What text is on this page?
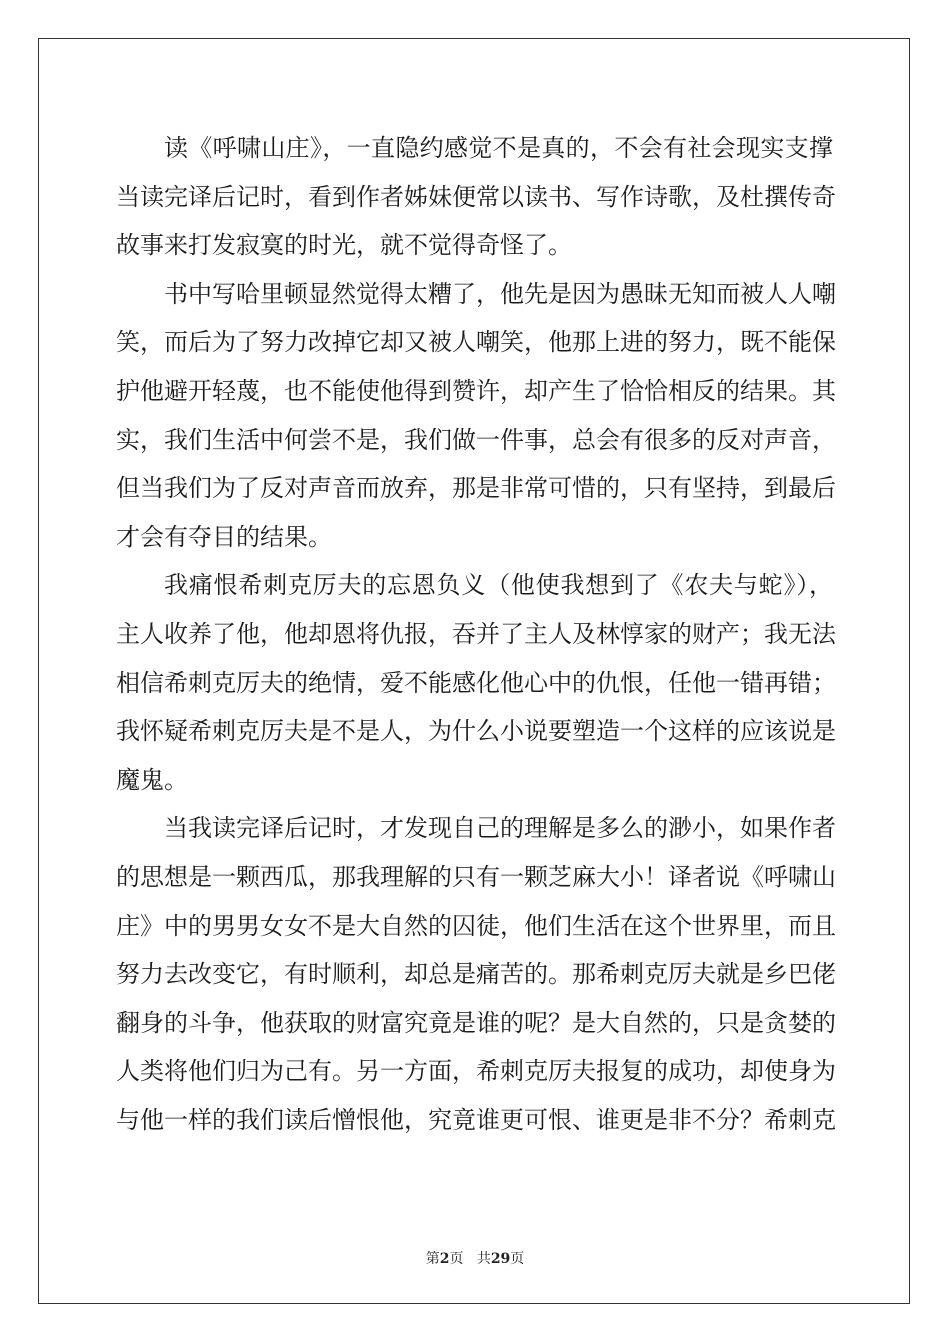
读《呼啸山庄》，一直隐约感觉不是真的，不会有社会现实支撑
当读完译后记时，看到作者姊妹便常以读书、写作诗歌，及杜撰传奇
故事来打发寂寞的时光，就不觉得奇怪了。
书中写哈里顿显然觉得太糟了，他先是因为愚昧无知而被人人嘲
笑，而后为了努力改掉它却又被人嘲笑，他那上进的努力，既不能保
护他避开轻蔑，也不能使他得到赞许，却产生了恰恰相反的结果。其
实，我们生活中何尝不是，我们做一件事，总会有很多的反对声音，
但当我们为了反对声音而放弃，那是非常可惜的，只有坚持，到最后
才会有夺目的结果。
我痛恨希刺克厉夫的忘恩负义（他使我想到了《农夫与蛇》），
主人收养了他，他却恩将仇报，吞并了主人及林惇家的财产；我无法
相信希刺克厉夫的绝情，爱不能感化他心中的仇恨，任他一错再错；
我怀疑希刺克厉夫是不是人，为什么小说要塑造一个这样的应该说是
魔鬼。
当我读完译后记时，才发现自己的理解是多么的渺小，如果作者
的思想是一颗西瓜，那我理解的只有一颗芝麻大小！译者说《呼啸山
庄》中的男男女女不是大自然的囚徒，他们生活在这个世界里，而且
努力去改变它，有时顺利，却总是痛苦的。那希刺克厉夫就是乡巴佬
翻身的斗争，他获取的财富究竟是谁的呢？是大自然的，只是贪婪的
人类将他们归为己有。另一方面，希刺克厉夫报复的成功，却使身为
与他一样的我们读后憎恨他，究竟谁更可恨、谁更是非不分？希刺克
第2页 共29页
